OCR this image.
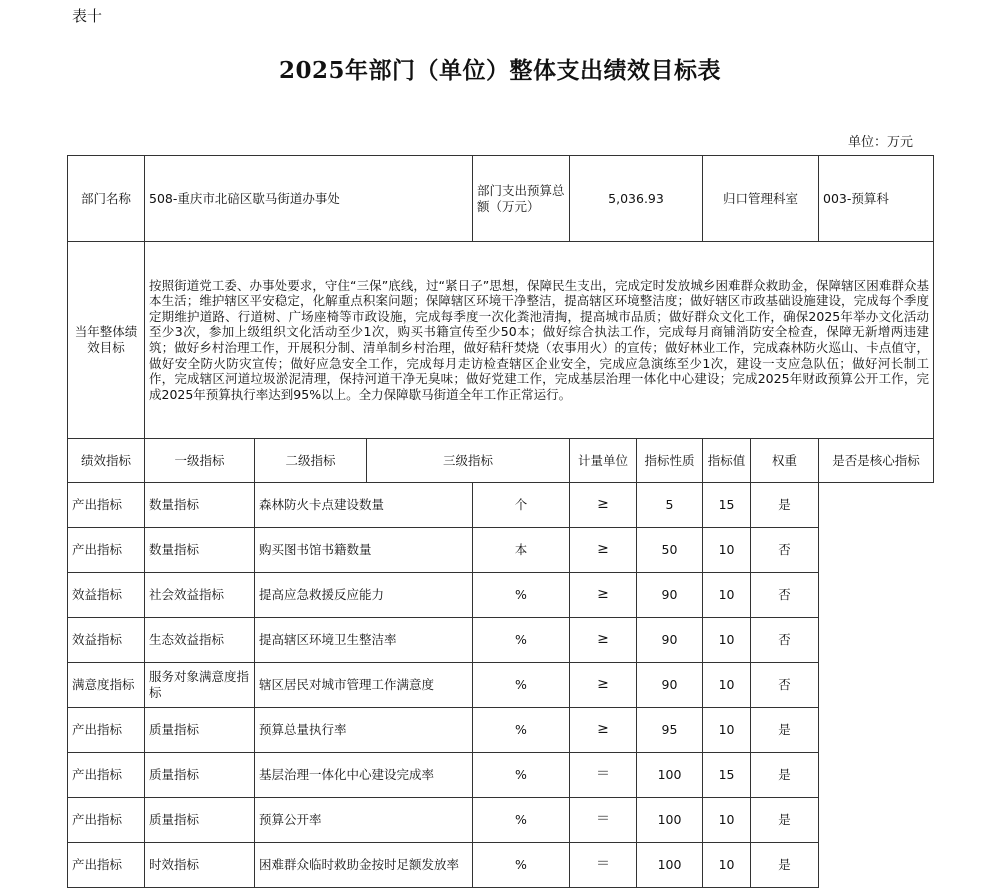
表十
2025年部门（单位）整体支出绩效目标表
单位：万元
部门名称	508-重庆市北碚区歇马街道办事处			部门支出预算总额（万元）	5,036.93		归口管理科室		003-预算科
当年整体绩效目标	按照街道党工委、办事处要求，守住“三保”底线，过“紧日子”思想，保障民生支出，完成定时发放城乡困难群众救助金，保障辖区困难群众基本生活；维护辖区平安稳定，化解重点积案问题；保障辖区环境干净整洁，提高辖区环境整洁度；做好辖区市政基础设施建设，完成每个季度定期维护道路、行道树、广场座椅等市政设施，完成每季度一次化粪池清掏，提高城市品质；做好群众文化工作，确保2025年举办文化活动至少3次，参加上级组织文化活动至少1次，购买书籍宣传至少50本；做好综合执法工作，完成每月商铺消防安全检查，保障无新增两违建筑；做好乡村治理工作，开展积分制、清单制乡村治理，做好秸秆焚烧（农事用火）的宣传；做好林业工作，完成森林防火巡山、卡点值守，做好安全防火防灾宣传；做好应急安全工作，完成每月走访检查辖区企业安全，完成应急演练至少1次，建设一支应急队伍；做好河长制工作，完成辖区河道垃圾淤泥清理，保持河道干净无臭味；做好党建工作，完成基层治理一体化中心建设；完成2025年财政预算公开工作，完成2025年预算执行率达到95%以上。全力保障歇马街道全年工作正常运行。								
绩效指标	一级指标	二级指标	三级指标		计量单位	指标性质	指标值	权重	是否是核心指标
产出指标	数量指标	森林防火卡点建设数量		个	≥	5	15	是	
产出指标	数量指标	购买图书馆书籍数量		本	≥	50	10	否	
效益指标	社会效益指标	提高应急救援反应能力		%	≥	90	10	否	
效益指标	生态效益指标	提高辖区环境卫生整洁率		%	≥	90	10	否	
满意度指标	服务对象满意度指标	辖区居民对城市管理工作满意度		%	≥	90	10	否	
产出指标	质量指标	预算总量执行率		%	≥	95	10	是	
产出指标	质量指标	基层治理一体化中心建设完成率		%	＝	100	15	是	
产出指标	质量指标	预算公开率		%	＝	100	10	是	
产出指标	时效指标	困难群众临时救助金按时足额发放率		%	＝	100	10	是	
